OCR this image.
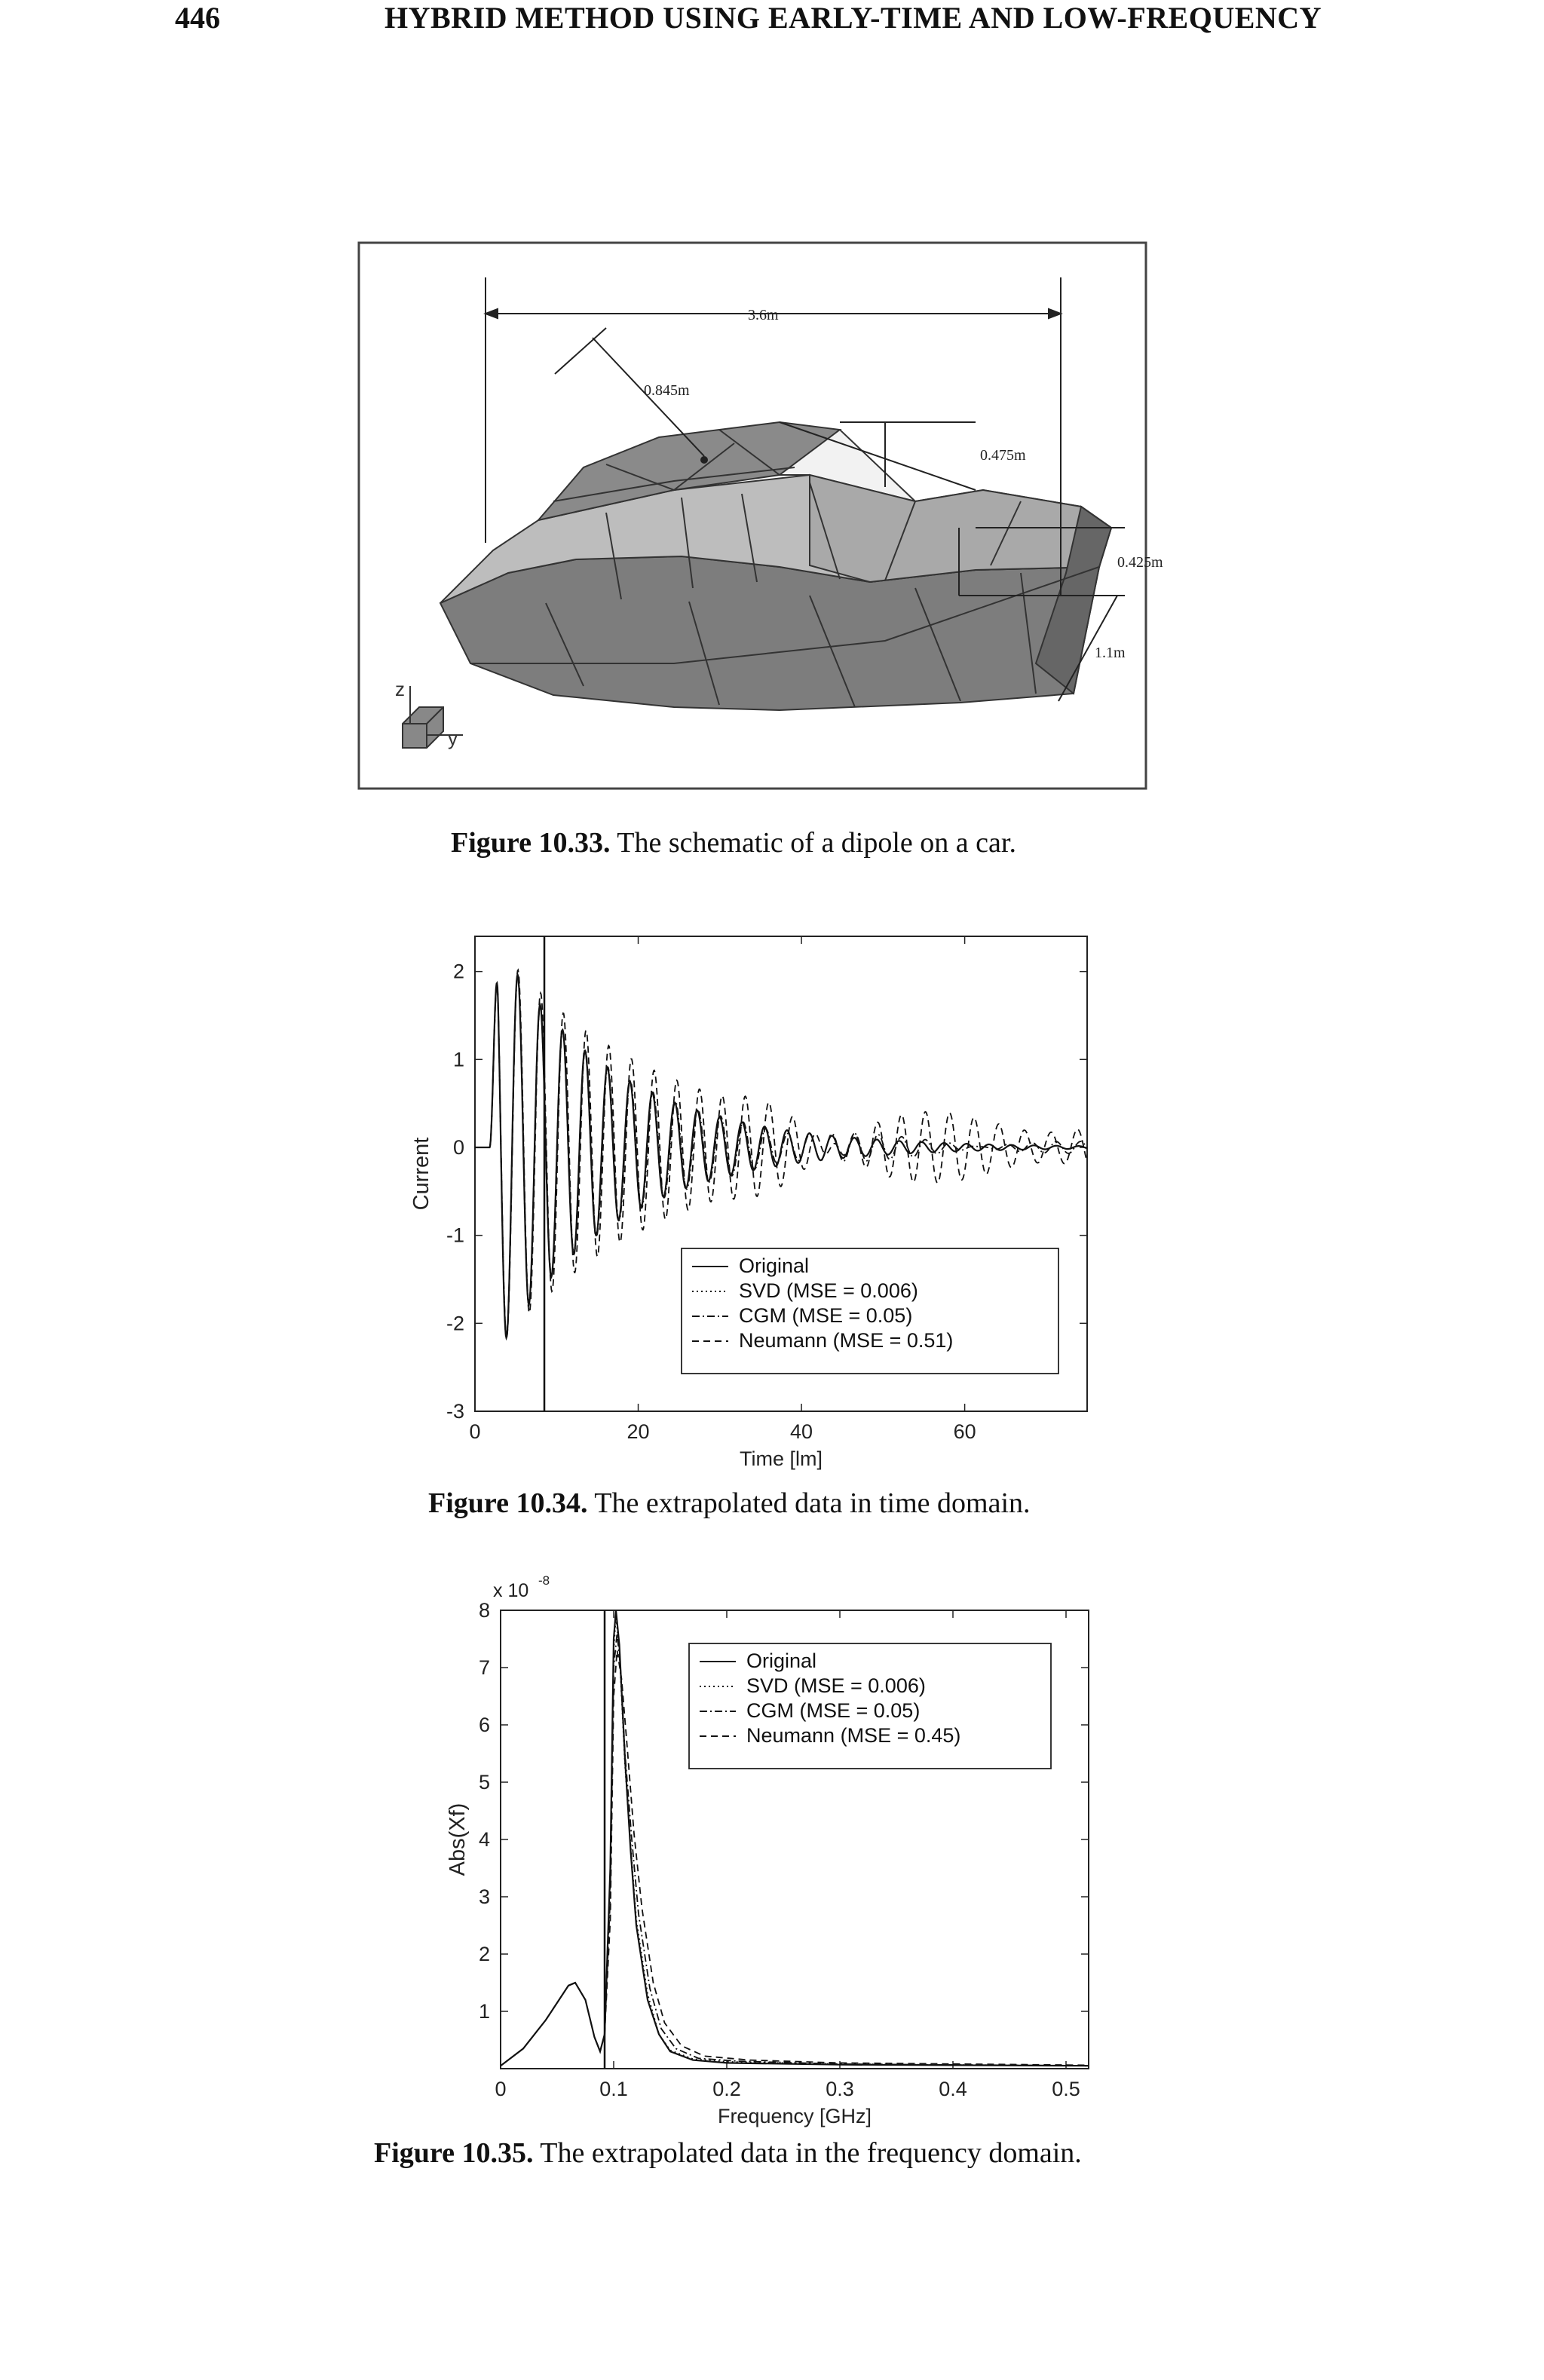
446	HYBRID METHOD USING EARLY-TIME AND LOW-FREQUENCY
3.6m
0.845m
0.475m
0.425m
1.1m
z
y
Figure 10.33. The schematic of a dipole on a car.
2
1
0
-1
-2
-3
0	20	40	60
Time [lm]
Current
Original
SVD (MSE = 0.006)
CGM (MSE = 0.05)
Neumann (MSE = 0.51)
Figure 10.34. The extrapolated data in time domain.
8
7
6
5
4
3
2
1
0	0.1	0.2	0.3	0.4	0.5
Frequency [GHz]
Abs(Xf)
Original
SVD (MSE = 0.006)
CGM (MSE = 0.05)
Neumann (MSE = 0.45)
x 10 -8
Figure 10.35. The extrapolated data in the frequency domain.
